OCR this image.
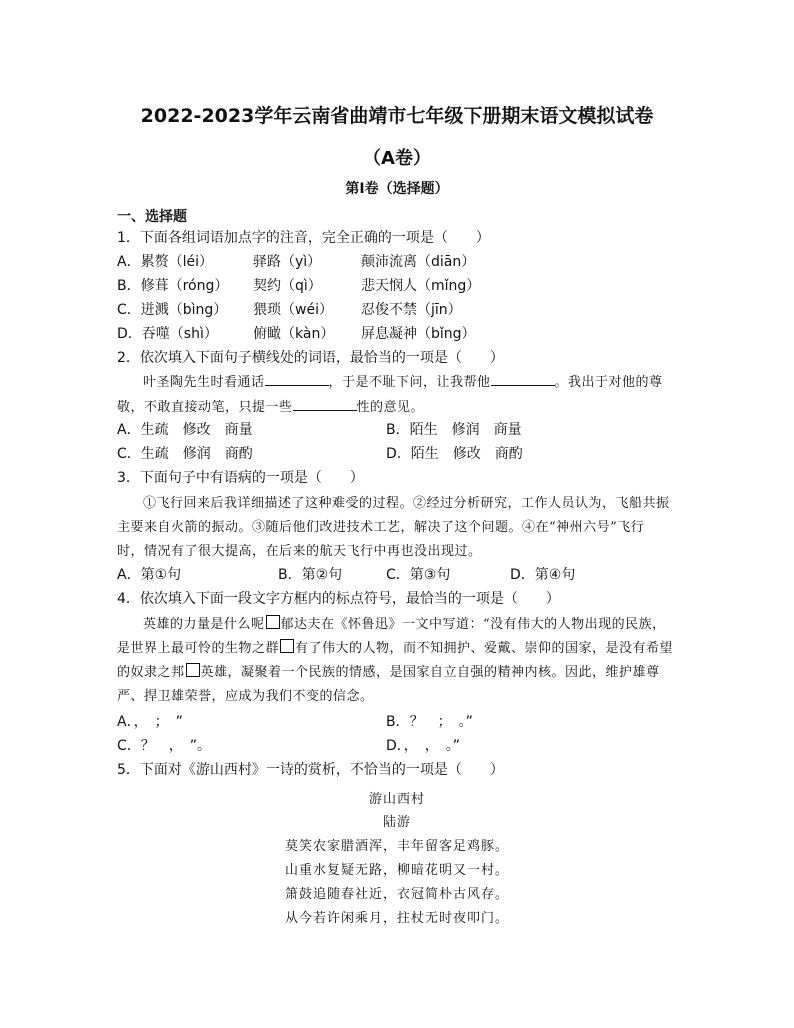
2022-2023学年云南省曲靖市七年级下册期末语文模拟试卷
（A卷）
第Ⅰ卷（选择题）
一、选择题
1．下面各组词语加点字的注音，完全正确的一项是（　　）
A．累赘（léi）	驿路（yì）	颠沛流离（diān）
B．修葺（róng） 契约（qì）	悲天悯人（mǐng）
C．迸溅（bìng） 猥琐（wéi） 忍俊不禁（jīn）
D．吞噬（shì）	俯瞰（kàn） 屏息凝神（bǐng）
2．依次填入下面句子横线处的词语，最恰当的一项是（　　）
叶圣陶先生时看通话	，于是不耻下问，让我帮他	。我出于对他的尊
敬，不敢直接动笔，只提一些	性的意见。
A．生疏　修改　商量	B．陌生　修润　商量
C．生疏　修润　商酌	D．陌生　修改　商酌
3．下面句子中有语病的一项是（　　）
①飞行回来后我详细描述了这种难受的过程。②经过分析研究，工作人员认为，飞船共振
主要来自火箭的振动。③随后他们改进技术工艺，解决了这个问题。④在“神州六号”飞行
时，情况有了很大提高，在后来的航天飞行中再也没出现过。
A．第①句	B．第②句	C．第③句	D．第④句
4．依次填入下面一段文字方框内的标点符号，最恰当的一项是（　　）
英雄的力量是什么呢 郁达夫在《怀鲁迅》一文中写道：“没有伟大的人物出现的民族，
是世界上最可怜的生物之群 有了伟大的人物，而不知拥护、爱戴、崇仰的国家，是没有希望
的奴隶之邦 英雄，凝聚着一个民族的情感，是国家自立自强的精神内核。因此，维护雄尊
严、捍卫雄荣誉，应成为我们不变的信念。
A．，　；　”	B．？　；　。”
C．？　，　”。	D．，　，　。”
5．下面对《游山西村》一诗的赏析，不恰当的一项是（　　）
游山西村
陆游
莫笑农家腊酒浑，丰年留客足鸡豚。
山重水复疑无路，柳暗花明又一村。
箫鼓追随春社近，衣冠简朴古风存。
从今若许闲乘月，拄杖无时夜叩门。
